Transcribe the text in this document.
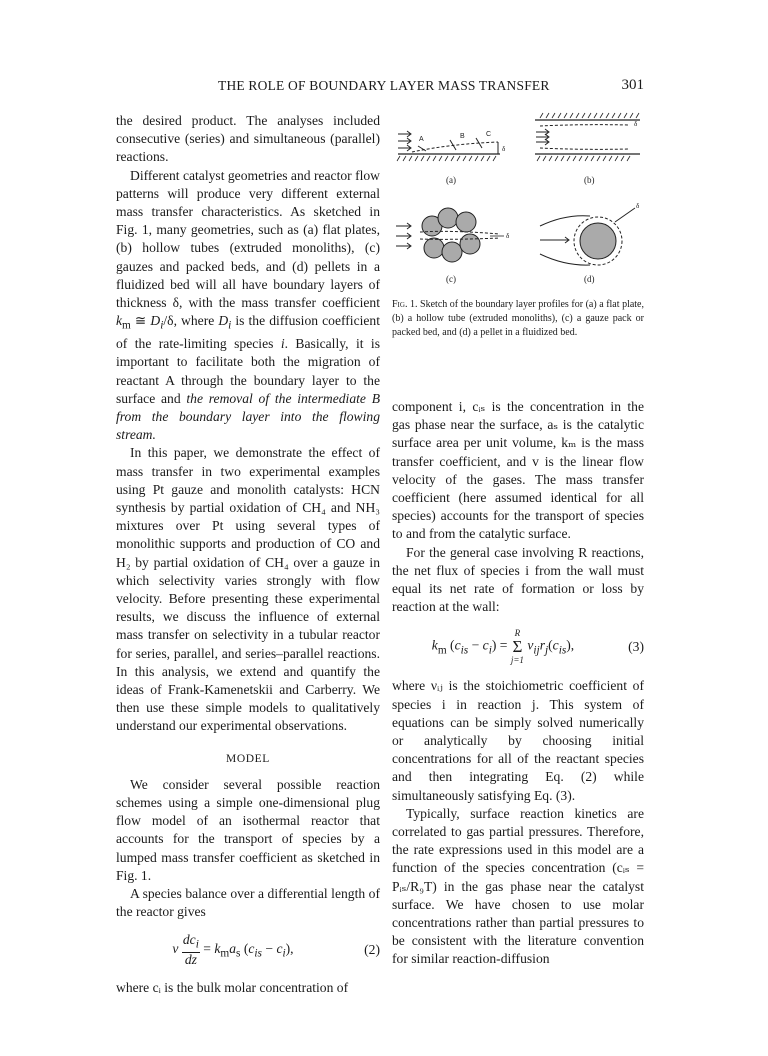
THE ROLE OF BOUNDARY LAYER MASS TRANSFER	301
A	B	C
δ
δ
δ
δ
(a)	(b)
(c)	(d)
Fig. 1. Sketch of the boundary layer profiles for (a) a flat plate, (b) a hollow tube (extruded monoliths), (c) a gauze pack or packed bed, and (d) a pellet in a fluidized bed.

the desired product. The analyses included consecutive (series) and simultaneous (parallel) reactions.

Different catalyst geometries and reactor flow patterns will produce very different external mass transfer characteristics. As sketched in Fig. 1, many geometries, such as (a) flat plates, (b) hollow tubes (extruded monoliths), (c) gauzes and packed beds, and (d) pellets in a fluidized bed will all have boundary layers of thickness δ, with the mass transfer coefficient $k_m$ ≅ $D_i/\delta$, where $D_i$ is the diffusion coefficient of the rate-limiting species i. Basically, it is important to facilitate both the migration of reactant A through the boundary layer to the surface and the removal of the intermediate B from the boundary layer into the flowing stream.

In this paper, we demonstrate the effect of mass transfer in two experimental examples using Pt gauze and monolith catalysts: HCN synthesis by partial oxidation of CH₄ and NH₃ mixtures over Pt using several types of monolithic supports and production of CO and H₂ by partial oxidation of CH₄ over a gauze in which selectivity varies strongly with flow velocity. Before presenting these experimental results, we discuss the influence of external mass transfer on selectivity in a tubular reactor for series, parallel, and series–parallel reactions. In this analysis, we extend and quantify the ideas of Frank-Kamenetskii and Carberry. We then use these simple models to qualitatively understand our experimental observations.

MODEL

We consider several possible reaction schemes using a simple one-dimensional plug flow model of an isothermal reactor that accounts for the transport of species by a lumped mass transfer coefficient as sketched in Fig. 1.

A species balance over a differential length of the reactor gives

v $\frac{dc_i}{dz} = k_ma_s$ $(c_{is} - c_i)$,	(2)

where cᵢ is the bulk molar concentration of

component i, cᵢₛ is the concentration in the gas phase near the surface, aₛ is the catalytic surface area per unit volume, kₘ is the mass transfer coefficient, and v is the linear flow velocity of the gases. The mass transfer coefficient (here assumed identical for all species) accounts for the transport of species to and from the catalytic surface.

For the general case involving R reactions, the net flux of species i from the wall must equal its net rate of formation or loss by reaction at the wall:

$k_m$ $(c_{is} - c_i)$ =
R
Σ
j=1
$\nu_{ij}r_j(c_{is})$,	(3)

where νᵢⱼ is the stoichiometric coefficient of species i in reaction j. This system of equations can be simply solved numerically or analytically by choosing initial concentrations for all of the reactant species and then integrating Eq. (2) while simultaneously satisfying Eq. (3).

Typically, surface reaction kinetics are correlated to gas partial pressures. Therefore, the rate expressions used in this model are a function of the species concentration (cᵢₛ = Pᵢₛ/R₉T) in the gas phase near the catalyst surface. We have chosen to use molar concentrations rather than partial pressures to be consistent with the literature convention for similar reaction-diffusion
